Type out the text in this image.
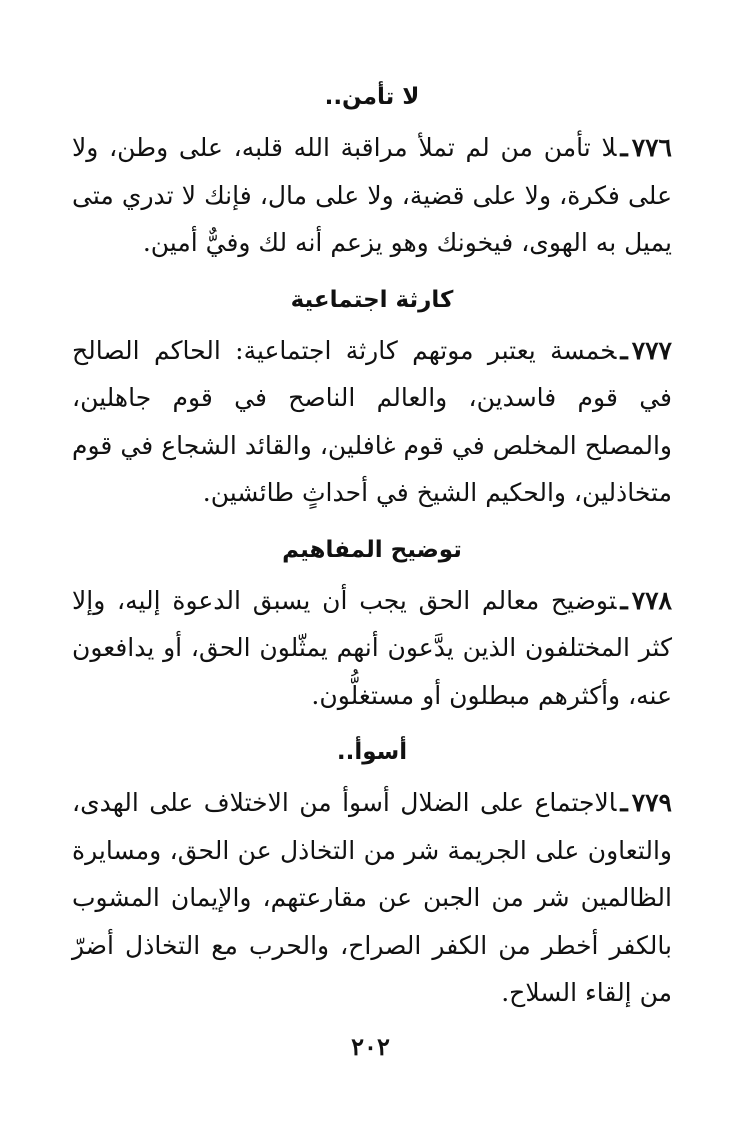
لا تأمن..

٧٧٦ـلا تأمن من لم تملأ مراقبة الله قلبه، على وطن، ولا على فكرة، ولا على قضية، ولا على مال، فإنك لا تدري متى يميل به الهوى، فيخونك وهو يزعم أنه لك وفيٌّ أمين.

كارثة اجتماعية

٧٧٧ـخمسة يعتبر موتهم كارثة اجتماعية: الحاكم الصالح في قوم فاسدين، والعالم الناصح في قوم جاهلين، والمصلح المخلص في قوم غافلين، والقائد الشجاع في قوم متخاذلين، والحكيم الشيخ في أحداثٍ طائشين.

توضيح المفاهيم

٧٧٨ـتوضيح معالم الحق يجب أن يسبق الدعوة إليه، وإلا كثر المختلفون الذين يدَّعون أنهم يمثّلون الحق، أو يدافعون عنه، وأكثرهم مبطلون أو مستغلُّون.

أسوأ..

٧٧٩ـالاجتماع على الضلال أسوأ من الاختلاف على الهدى، والتعاون على الجريمة شر من التخاذل عن الحق، ومسايرة الظالمين شر من الجبن عن مقارعتهم، والإيمان المشوب بالكفر أخطر من الكفر الصراح، والحرب مع التخاذل أضرّ من إلقاء السلاح.

٢٠٢
